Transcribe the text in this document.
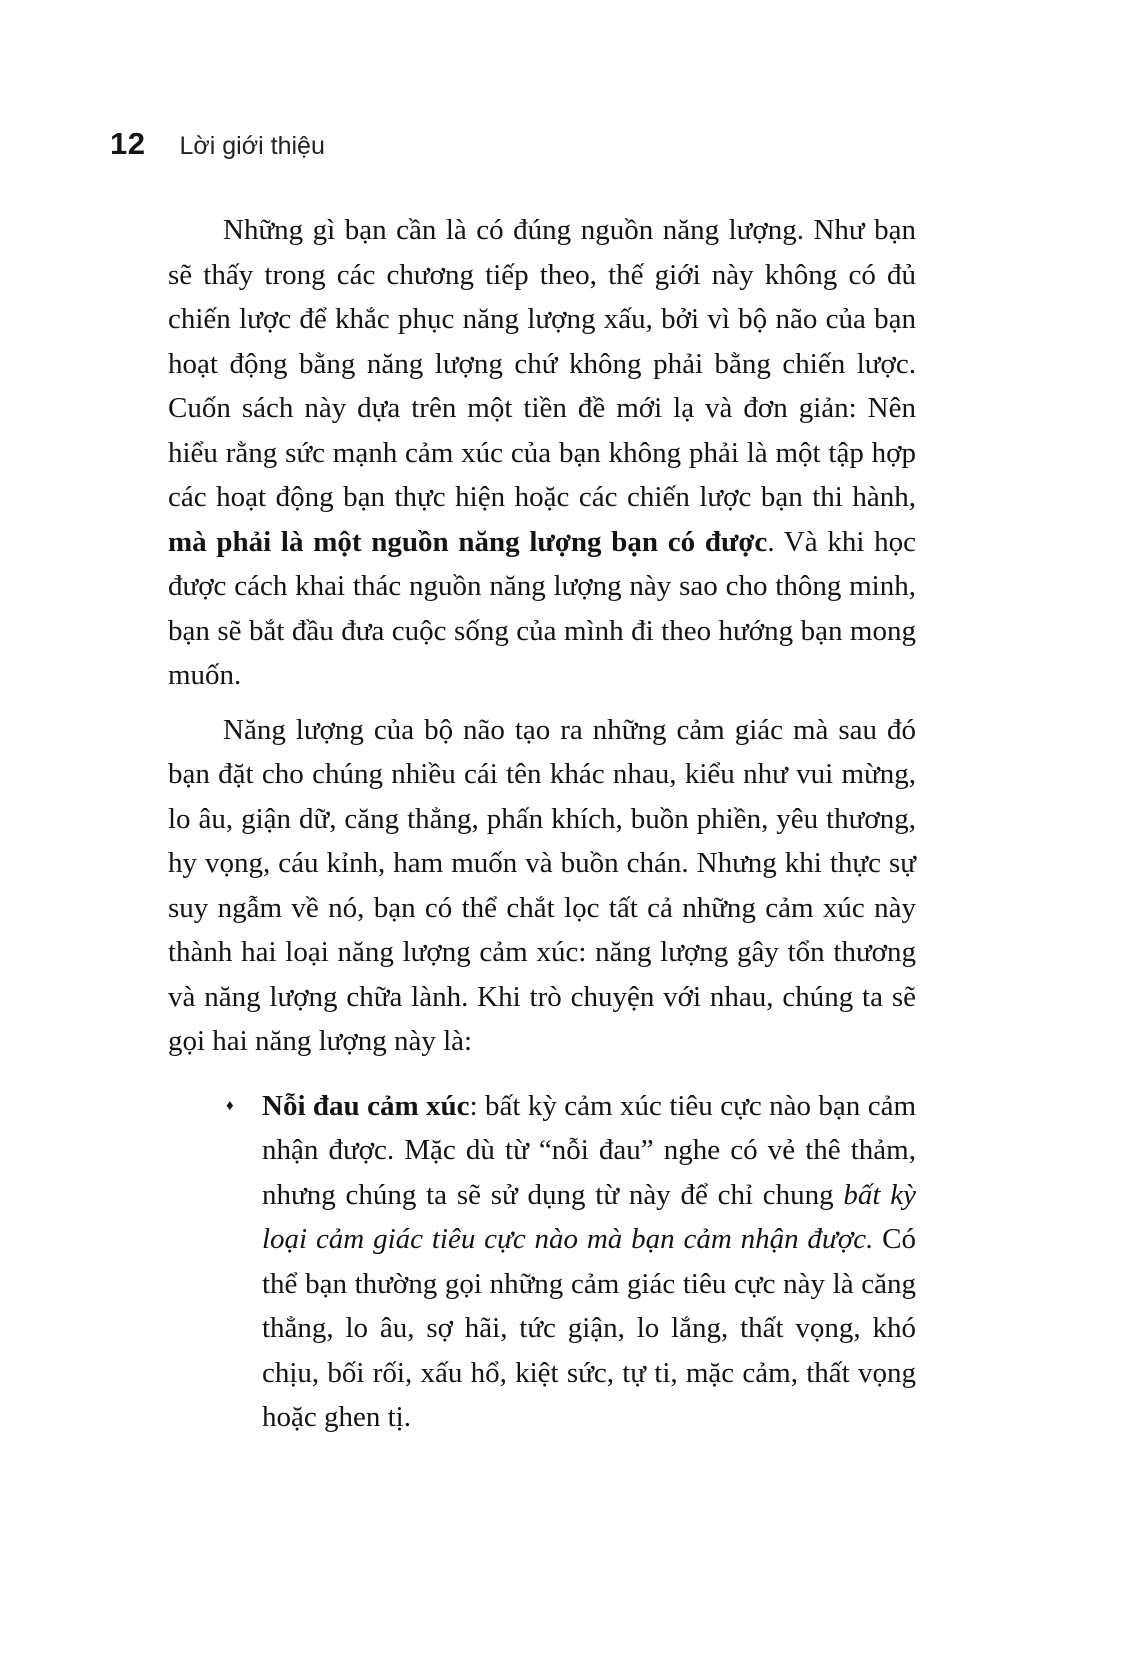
12 Lời giới thiệu

Những gì bạn cần là có đúng nguồn năng lượng. Như bạn sẽ thấy trong các chương tiếp theo, thế giới này không có đủ chiến lược để khắc phục năng lượng xấu, bởi vì bộ não của bạn hoạt động bằng năng lượng chứ không phải bằng chiến lược. Cuốn sách này dựa trên một tiền đề mới lạ và đơn giản: Nên hiểu rằng sức mạnh cảm xúc của bạn không phải là một tập hợp các hoạt động bạn thực hiện hoặc các chiến lược bạn thi hành, mà phải là một nguồn năng lượng bạn có được. Và khi học được cách khai thác nguồn năng lượng này sao cho thông minh, bạn sẽ bắt đầu đưa cuộc sống của mình đi theo hướng bạn mong muốn.

Năng lượng của bộ não tạo ra những cảm giác mà sau đó bạn đặt cho chúng nhiều cái tên khác nhau, kiểu như vui mừng, lo âu, giận dữ, căng thẳng, phấn khích, buồn phiền, yêu thương, hy vọng, cáu kỉnh, ham muốn và buồn chán. Nhưng khi thực sự suy ngẫm về nó, bạn có thể chắt lọc tất cả những cảm xúc này thành hai loại năng lượng cảm xúc: năng lượng gây tổn thương và năng lượng chữa lành. Khi trò chuyện với nhau, chúng ta sẽ gọi hai năng lượng này là:

♦ Nỗi đau cảm xúc: bất kỳ cảm xúc tiêu cực nào bạn cảm nhận được. Mặc dù từ “nỗi đau” nghe có vẻ thê thảm, nhưng chúng ta sẽ sử dụng từ này để chỉ chung bất kỳ loại cảm giác tiêu cực nào mà bạn cảm nhận được. Có thể bạn thường gọi những cảm giác tiêu cực này là căng thẳng, lo âu, sợ hãi, tức giận, lo lắng, thất vọng, khó chịu, bối rối, xấu hổ, kiệt sức, tự ti, mặc cảm, thất vọng hoặc ghen tị.
